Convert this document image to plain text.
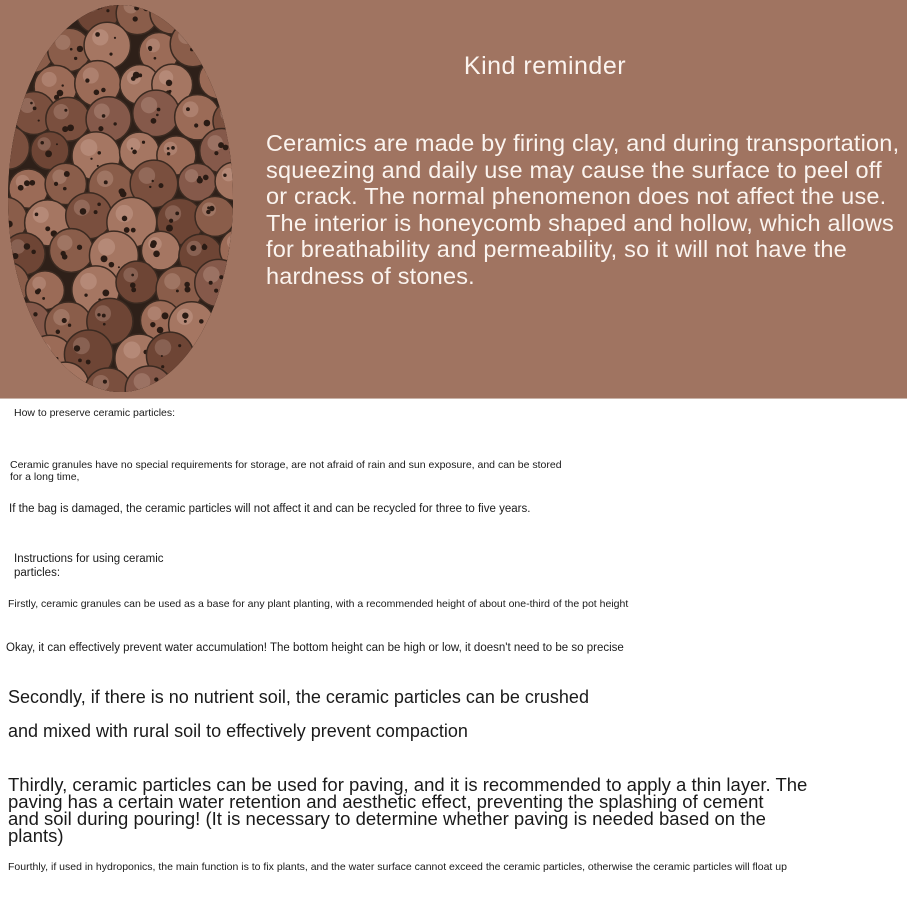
Kind reminder
Ceramics are made by firing clay, and during transportation, squeezing and daily use may cause the surface to peel off or crack. The normal phenomenon does not affect the use. The interior is honeycomb shaped and hollow, which allows for breathability and permeability, so it will not have the hardness of stones.
How to preserve ceramic particles:
Ceramic granules have no special requirements for storage, are not afraid of rain and sun exposure, and can be stored
for a long time,
If the bag is damaged, the ceramic particles will not affect it and can be recycled for three to five years.
Instructions for using ceramic
particles:
Firstly, ceramic granules can be used as a base for any plant planting, with a recommended height of about one-third of the pot height
Okay, it can effectively prevent water accumulation! The bottom height can be high or low, it doesn't need to be so precise
Secondly, if there is no nutrient soil, the ceramic particles can be crushed
and mixed with rural soil to effectively prevent compaction
Thirdly, ceramic particles can be used for paving, and it is recommended to apply a thin layer. The
paving has a certain water retention and aesthetic effect, preventing the splashing of cement
and soil during pouring! (It is necessary to determine whether paving is needed based on the
plants)
Fourthly, if used in hydroponics, the main function is to fix plants, and the water surface cannot exceed the ceramic particles, otherwise the ceramic particles will float up
